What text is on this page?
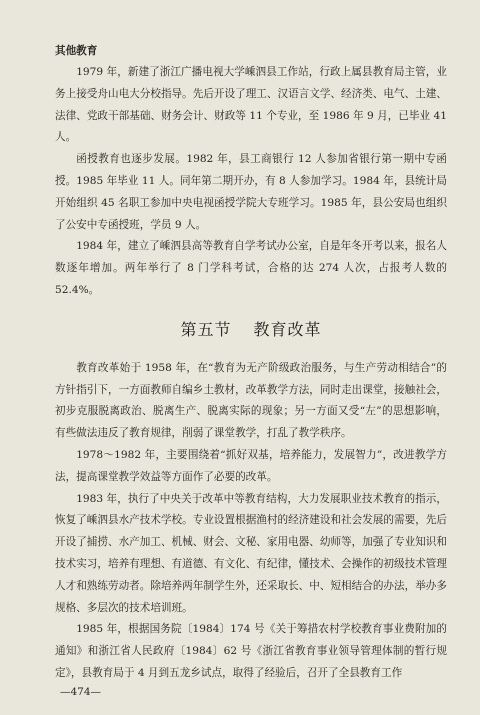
其他教育

1979 年，新建了浙江广播电视大学嵊泗县工作站，行政上属县教育局主管，业务上接受舟山电大分校指导。先后开设了理工、汉语言文学、经济类、电气、土建、法律、党政干部基础、财务会计、财政等 11 个专业，至 1986 年 9 月，已毕业 41 人。

函授教育也逐步发展。1982 年，县工商银行 12 人参加省银行第一期中专函授。1985 年毕业 11 人。同年第二期开办，有 8 人参加学习。1984 年，县统计局开始组织 45 名职工参加中央电视函授学院大专班学习。1985 年，县公安局也组织了公安中专函授班，学员 9 人。

1984 年，建立了嵊泗县高等教育自学考试办公室，自是年冬开考以来，报名人数逐年增加。两年举行了 8 门学科考试，合格的达 274 人次，占报考人数的 52.4%。

第五节 教育改革

教育改革始于 1958 年，在“教育为无产阶级政治服务，与生产劳动相结合”的方针指引下，一方面教师自编乡土教材，改革教学方法，同时走出课堂，接触社会，初步克服脱离政治、脱离生产、脱离实际的现象；另一方面又受“左”的思想影响，有些做法违反了教育规律，削弱了课堂教学，打乱了教学秩序。

1978～1982 年，主要围绕着“抓好双基，培养能力，发展智力”，改进教学方法，提高课堂教学效益等方面作了必要的改革。

1983 年，执行了中央关于改革中等教育结构，大力发展职业技术教育的指示，恢复了嵊泗县水产技术学校。专业设置根据渔村的经济建设和社会发展的需要，先后开设了捕捞、水产加工、机械、财会、文秘、家用电器、幼师等，加强了专业知识和技术实习，培养有理想、有道德、有文化、有纪律，懂技术、会操作的初级技术管理人才和熟练劳动者。除培养两年制学生外，还采取长、中、短相结合的办法，举办多规格、多层次的技术培训班。

1985 年，根据国务院〔1984〕174 号《关于筹措农村学校教育事业费附加的通知》和浙江省人民政府〔1984〕62 号《浙江省教育事业领导管理体制的暂行规定》，县教育局于 4 月到五龙乡试点，取得了经验后，召开了全县教育工作

—474—
